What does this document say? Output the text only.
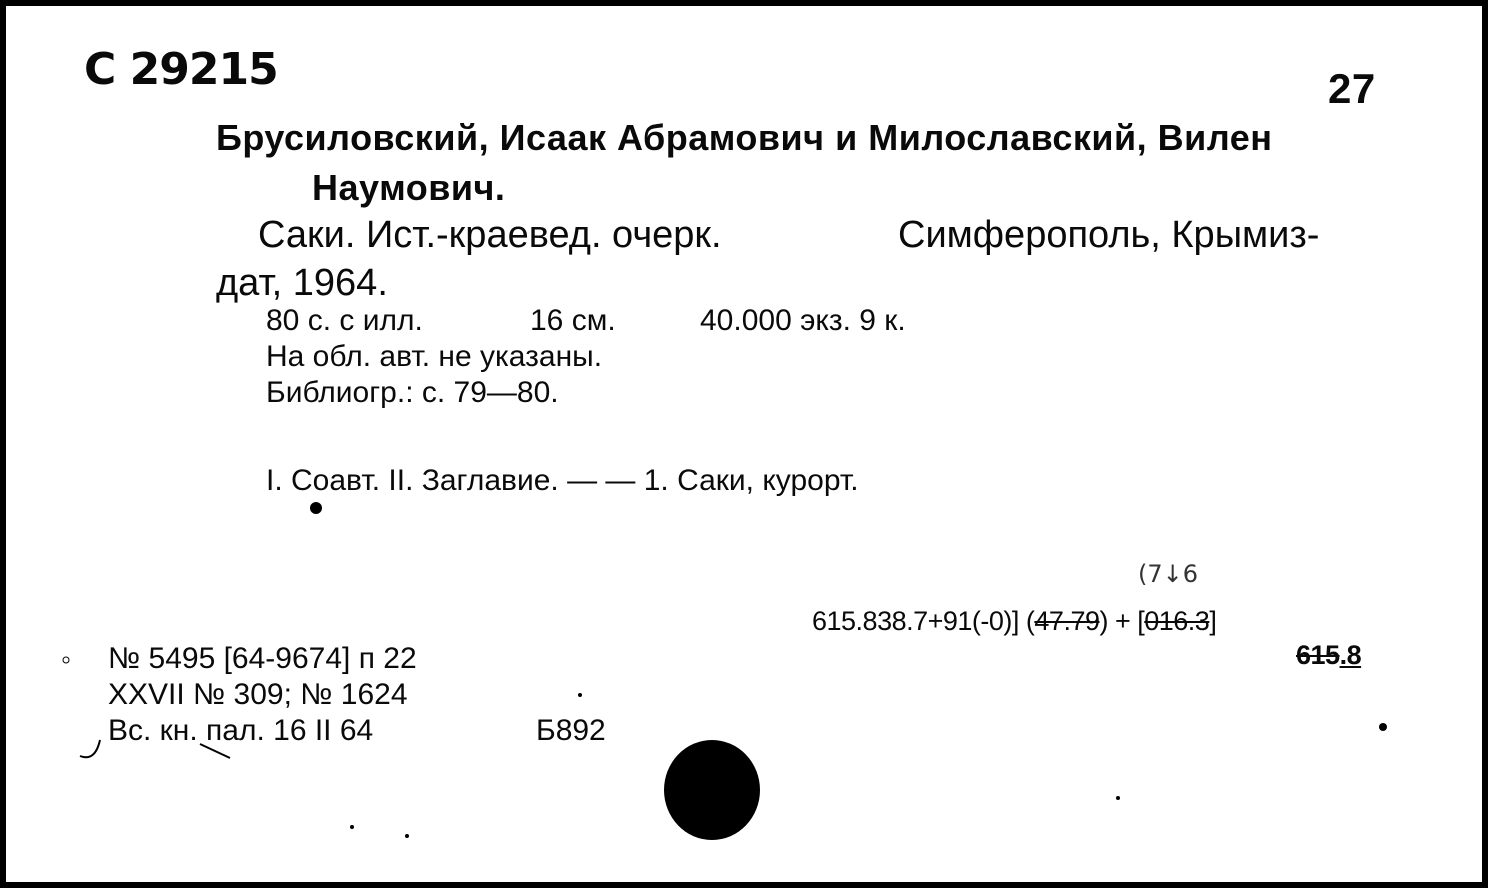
С 29215	27
Брусиловский, Исаак Абрамович и Милославский, Вилен
Наумович.
Саки. Ист.-краевед. очерк.	Симферополь, Крымиз-
дат, 1964.
80 с. с илл.	16 см.	40.000 экз. 9 к.
На обл. авт. не указаны.
Библиогр.: с. 79—80.
I. Соавт. II. Заглавие. — — 1. Саки, курорт.
(7↓6
615.838.7+91(-0)] (47.79) + [016.3]
615.8
№ 5495 [64-9674] п 22
XXVII № 309; № 1624
Вс. кн. пал. 16 II 64	Б892
